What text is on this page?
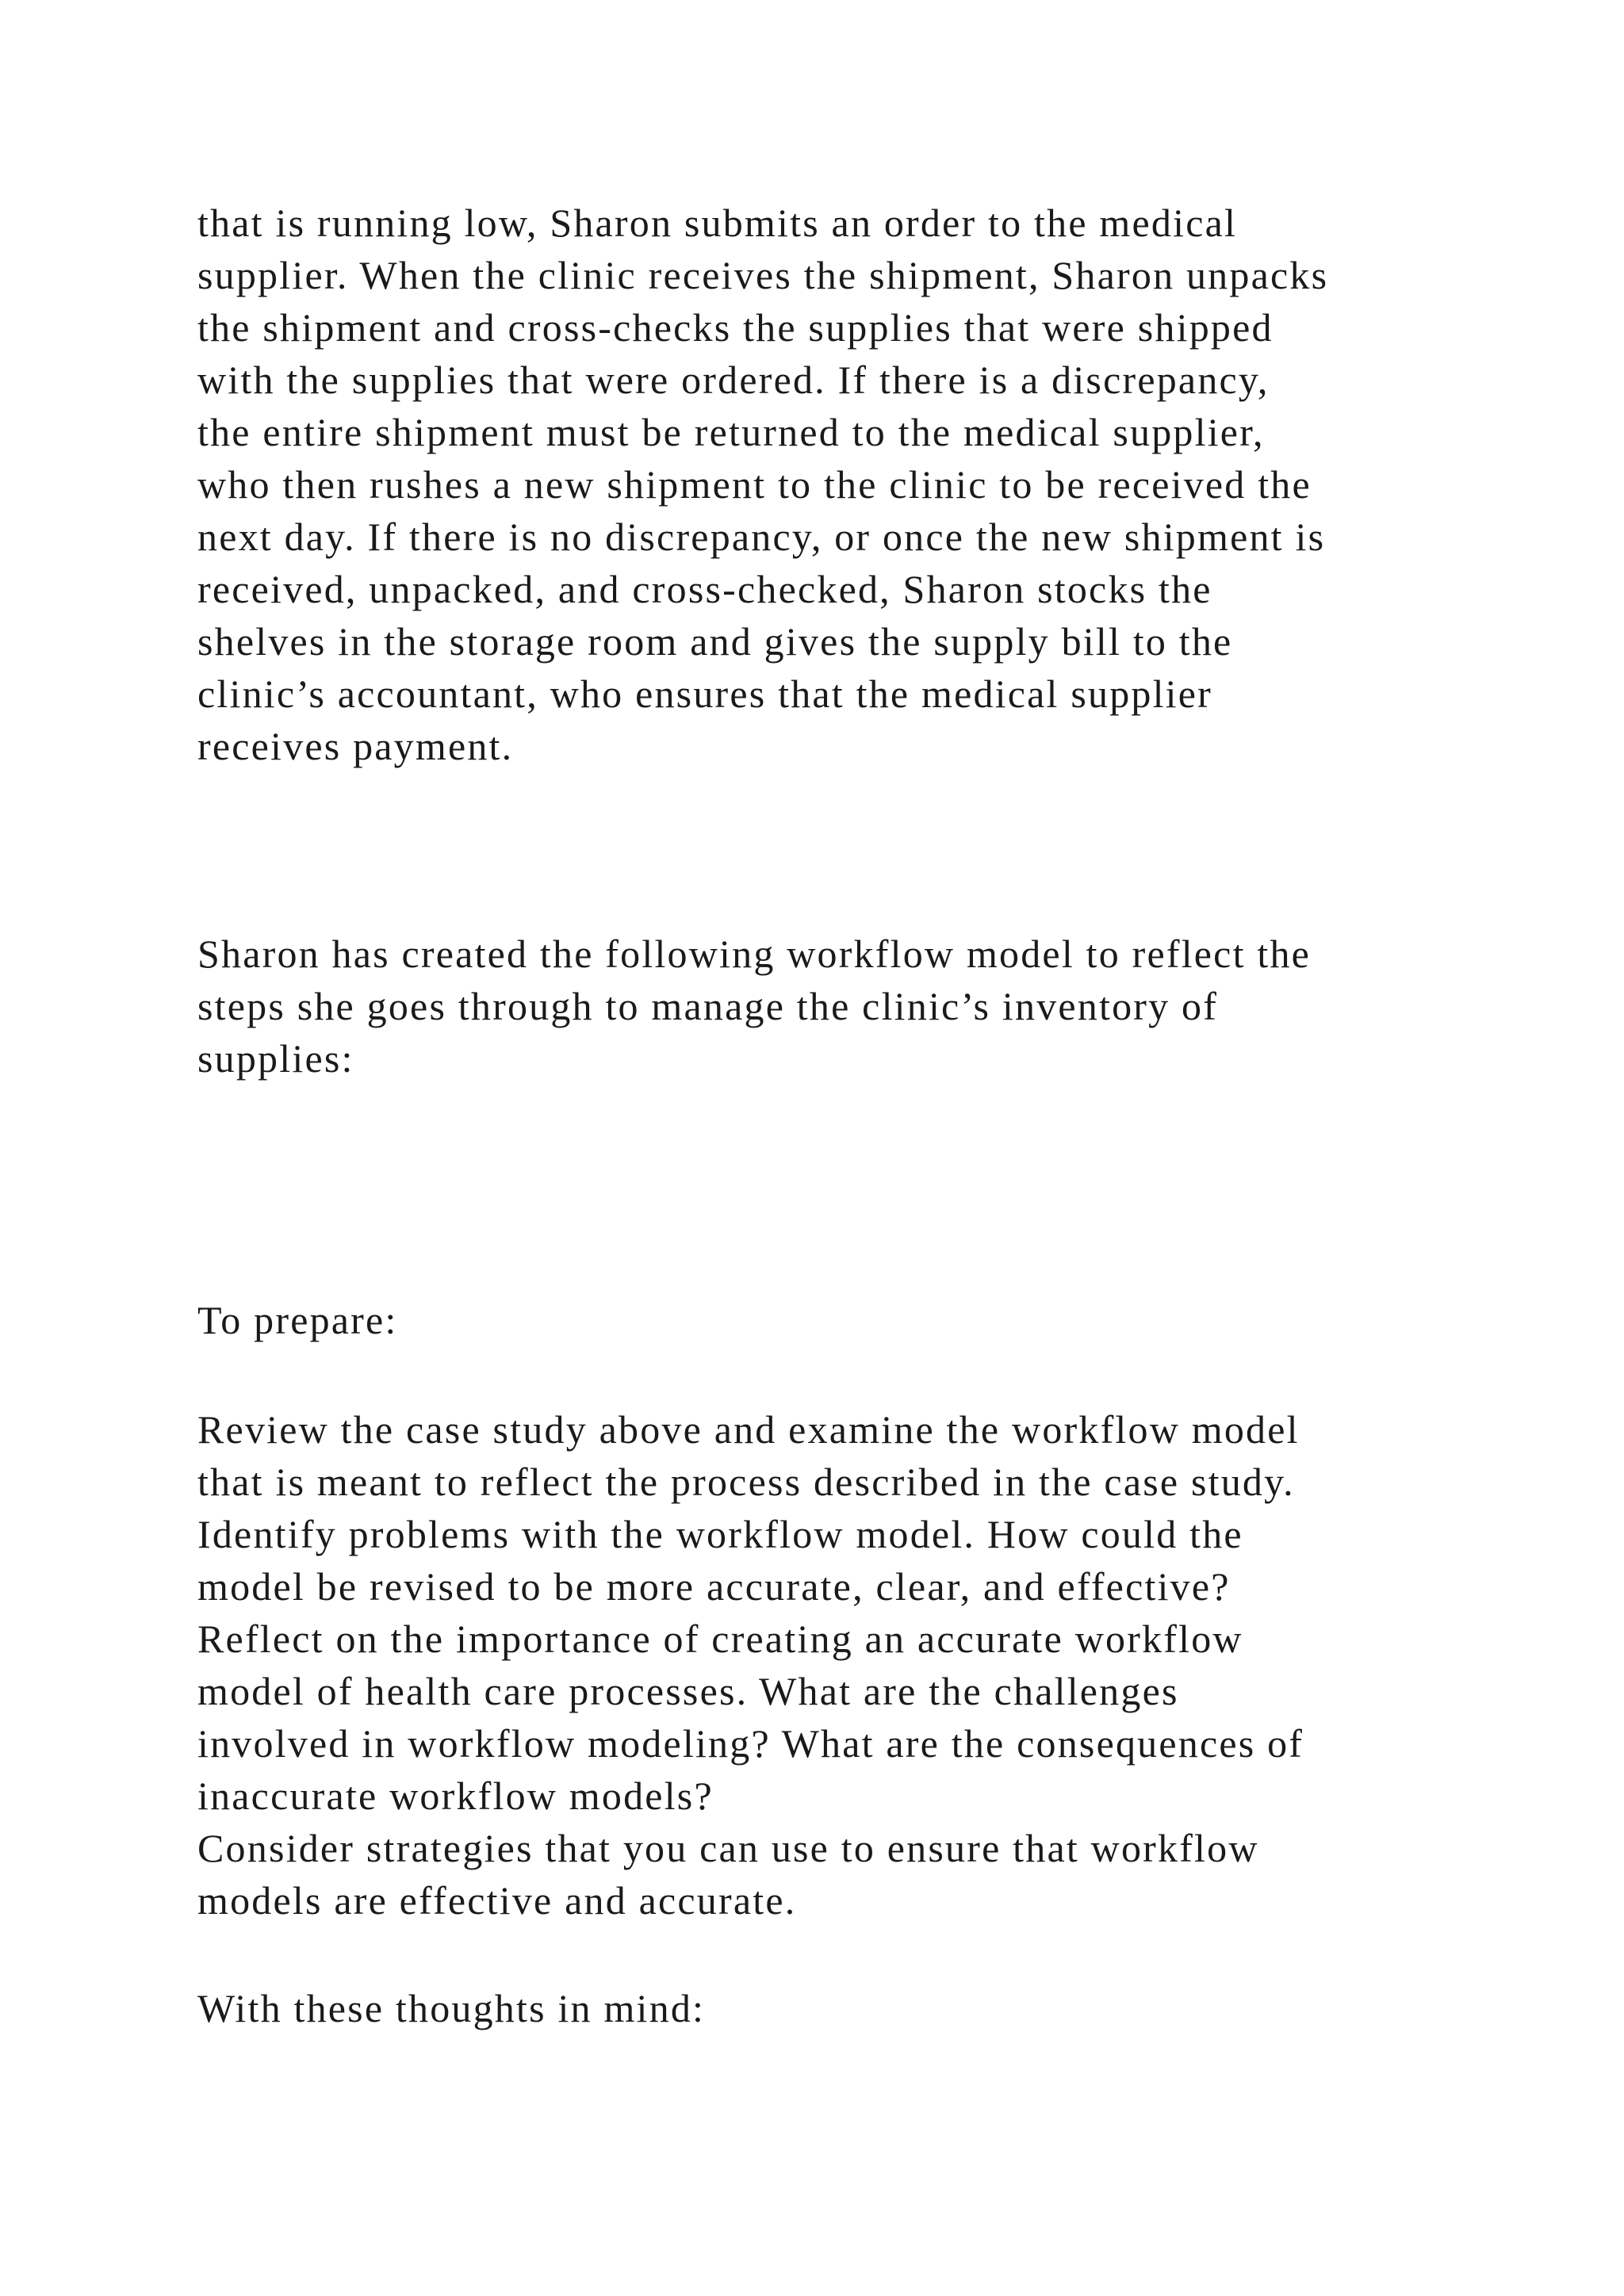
that is running low, Sharon submits an order to the medical

supplier. When the clinic receives the shipment, Sharon unpacks

the shipment and cross-checks the supplies that were shipped

with the supplies that were ordered. If there is a discrepancy,

the entire shipment must be returned to the medical supplier,

who then rushes a new shipment to the clinic to be received the

next day. If there is no discrepancy, or once the new shipment is

received, unpacked, and cross-checked, Sharon stocks the

shelves in the storage room and gives the supply bill to the

clinic’s accountant, who ensures that the medical supplier

receives payment.

Sharon has created the following workflow model to reflect the

steps she goes through to manage the clinic’s inventory of

supplies:

To prepare:

Review the case study above and examine the workflow model

that is meant to reflect the process described in the case study.

Identify problems with the workflow model. How could the

model be revised to be more accurate, clear, and effective?

Reflect on the importance of creating an accurate workflow

model of health care processes. What are the challenges

involved in workflow modeling? What are the consequences of

inaccurate workflow models?

Consider strategies that you can use to ensure that workflow

models are effective and accurate.

With these thoughts in mind:
